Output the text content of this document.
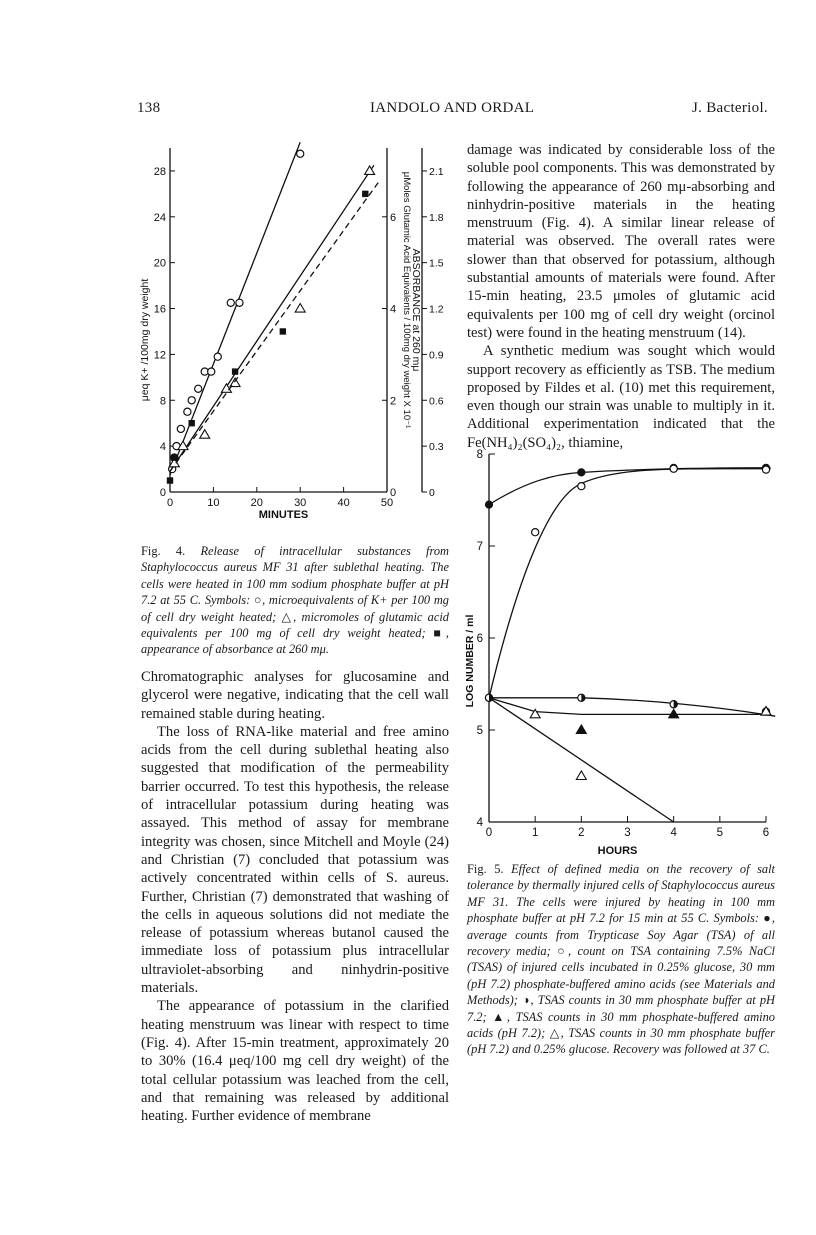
138	IANDOLO AND ORDAL	J. Bacteriol.
0
4
8
12
16
20
24
28
μeq K+ /100mg dry weight
0	10	20	30	40	50
MINUTES
0
2
4
6 μMoles Glutamic Acid Equivalents / 100mg dry weight X 10⁻¹
0
0.3
0.6
0.9
1.2
1.5
1.8
2.1
ABSORBANCE at 260 mμ
Fig. 4. Release of intracellular substances from Staphylococcus aureus MF 31 after sublethal heating. The cells were heated in 100 mm sodium phosphate buffer at pH 7.2 at 55 C. Symbols: ○, microequivalents of K+ per 100 mg of cell dry weight heated; △, micromoles of glutamic acid equivalents per 100 mg of cell dry weight heated; ■, appearance of absorbance at 260 mμ.

Chromatographic analyses for glucosamine and glycerol were negative, indicating that the cell wall remained stable during heating.

The loss of RNA-like material and free amino acids from the cell during sublethal heating also suggested that modification of the permeability barrier occurred. To test this hypothesis, the release of intracellular potassium during heating was assayed. This method of assay for membrane integrity was chosen, since Mitchell and Moyle (24) and Christian (7) concluded that potassium was actively concentrated within cells of S. aureus. Further, Christian (7) demonstrated that washing of the cells in aqueous solutions did not mediate the release of potassium whereas butanol caused the immediate loss of potassium plus intracellular ultraviolet-absorbing and ninhydrin-positive materials.

The appearance of potassium in the clarified heating menstruum was linear with respect to time (Fig. 4). After 15-min treatment, approximately 20 to 30% (16.4 μeq/100 mg cell dry weight) of the total cellular potassium was leached from the cell, and that remaining was released by additional heating. Further evidence of membrane

damage was indicated by considerable loss of the soluble pool components. This was demonstrated by following the appearance of 260 mμ-absorbing and ninhydrin-positive materials in the heating menstruum (Fig. 4). A similar linear release of material was observed. The overall rates were slower than that observed for potassium, although substantial amounts of materials were found. After 15-min heating, 23.5 μmoles of glutamic acid equivalents per 100 mg of cell dry weight (orcinol test) were found in the heating menstruum (14).

A synthetic medium was sought which would support recovery as efficiently as TSB. The medium proposed by Fildes et al. (10) met this requirement, even though our strain was unable to multiply in it. Additional experimentation indicated that the Fe(NH₄)₂(SO₄)₂, thiamine,

4
5
6
7
8
0	1	2	3	4	5	6
HOURS
LOG NUMBER / ml
Fig. 5. Effect of defined media on the recovery of salt tolerance by thermally injured cells of Staphylococcus aureus MF 31. The cells were injured by heating in 100 mm phosphate buffer at pH 7.2 for 15 min at 55 C. Symbols: ●, average counts from Trypticase Soy Agar (TSA) of all recovery media; ○, count on TSA containing 7.5% NaCl (TSAS) of injured cells incubated in 0.25% glucose, 30 mm (pH 7.2) phosphate-buffered amino acids (see Materials and Methods); ◑, TSAS counts in 30 mm phosphate buffer at pH 7.2; ▲, TSAS counts in 30 mm phosphate-buffered amino acids (pH 7.2); △, TSAS counts in 30 mm phosphate buffer (pH 7.2) and 0.25% glucose. Recovery was followed at 37 C.
